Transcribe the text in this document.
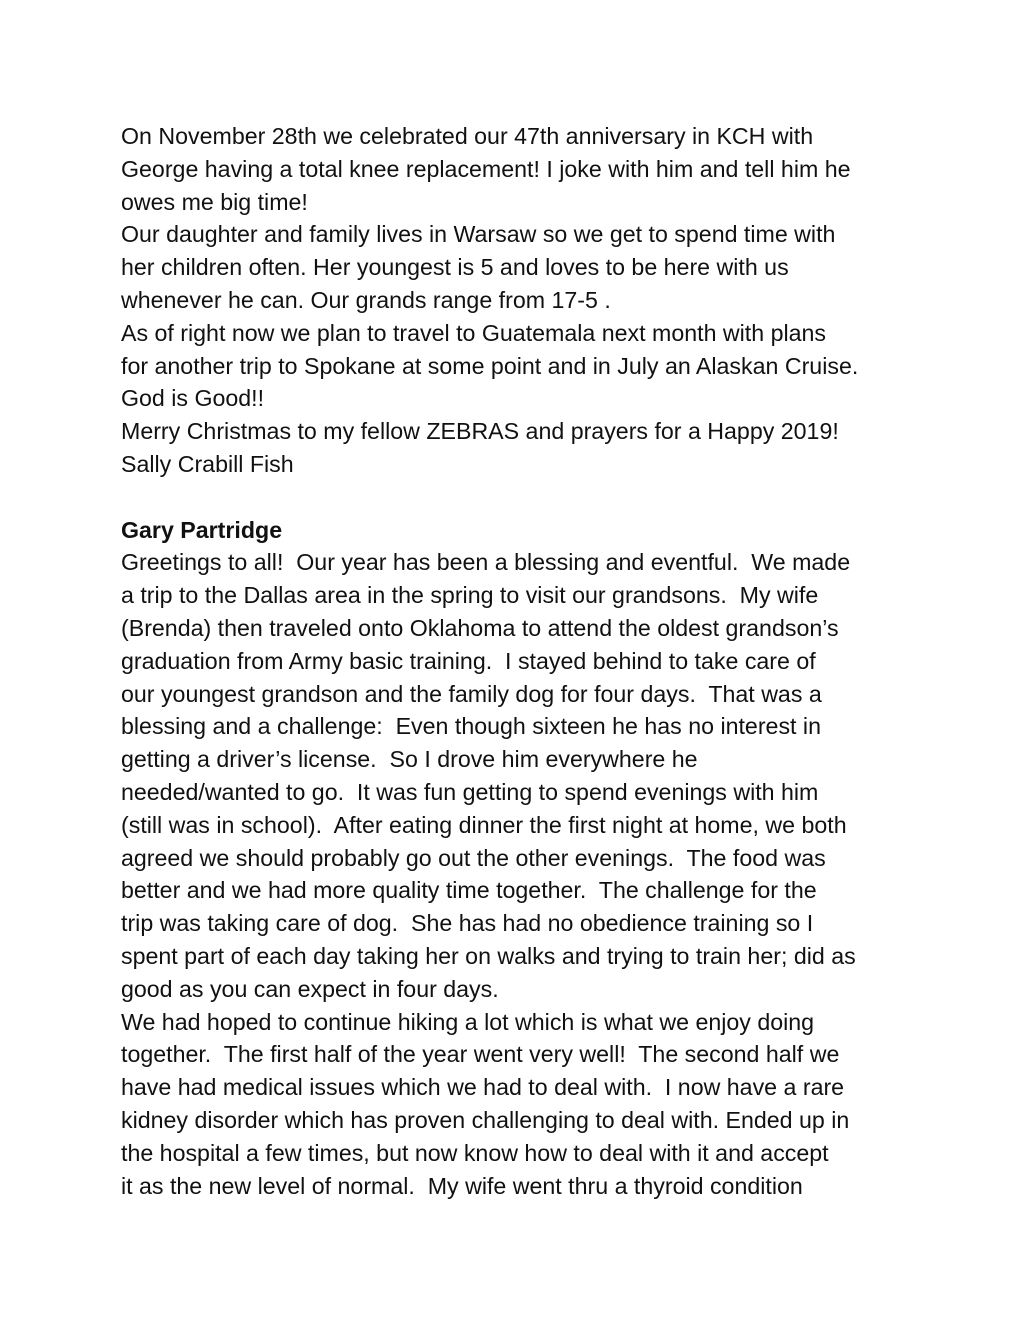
On November 28th we celebrated our 47th anniversary in KCH with
George having a total knee replacement! I joke with him and tell him he
owes me big time!
Our daughter and family lives in Warsaw so we get to spend time with
her children often. Her youngest is 5 and loves to be here with us
whenever he can. Our grands range from 17-5 .
As of right now we plan to travel to Guatemala next month with plans
for another trip to Spokane at some point and in July an Alaskan Cruise.
God is Good!!
Merry Christmas to my fellow ZEBRAS and prayers for a Happy 2019!
Sally Crabill Fish
Gary Partridge
Greetings to all!  Our year has been a blessing and eventful.  We made
a trip to the Dallas area in the spring to visit our grandsons.  My wife
(Brenda) then traveled onto Oklahoma to attend the oldest grandson’s
graduation from Army basic training.  I stayed behind to take care of
our youngest grandson and the family dog for four days.  That was a
blessing and a challenge:  Even though sixteen he has no interest in
getting a driver’s license.  So I drove him everywhere he
needed/wanted to go.  It was fun getting to spend evenings with him
(still was in school).  After eating dinner the first night at home, we both
agreed we should probably go out the other evenings.  The food was
better and we had more quality time together.  The challenge for the
trip was taking care of dog.  She has had no obedience training so I
spent part of each day taking her on walks and trying to train her; did as
good as you can expect in four days.
We had hoped to continue hiking a lot which is what we enjoy doing
together.  The first half of the year went very well!  The second half we
have had medical issues which we had to deal with.  I now have a rare
kidney disorder which has proven challenging to deal with. Ended up in
the hospital a few times, but now know how to deal with it and accept
it as the new level of normal.  My wife went thru a thyroid condition
